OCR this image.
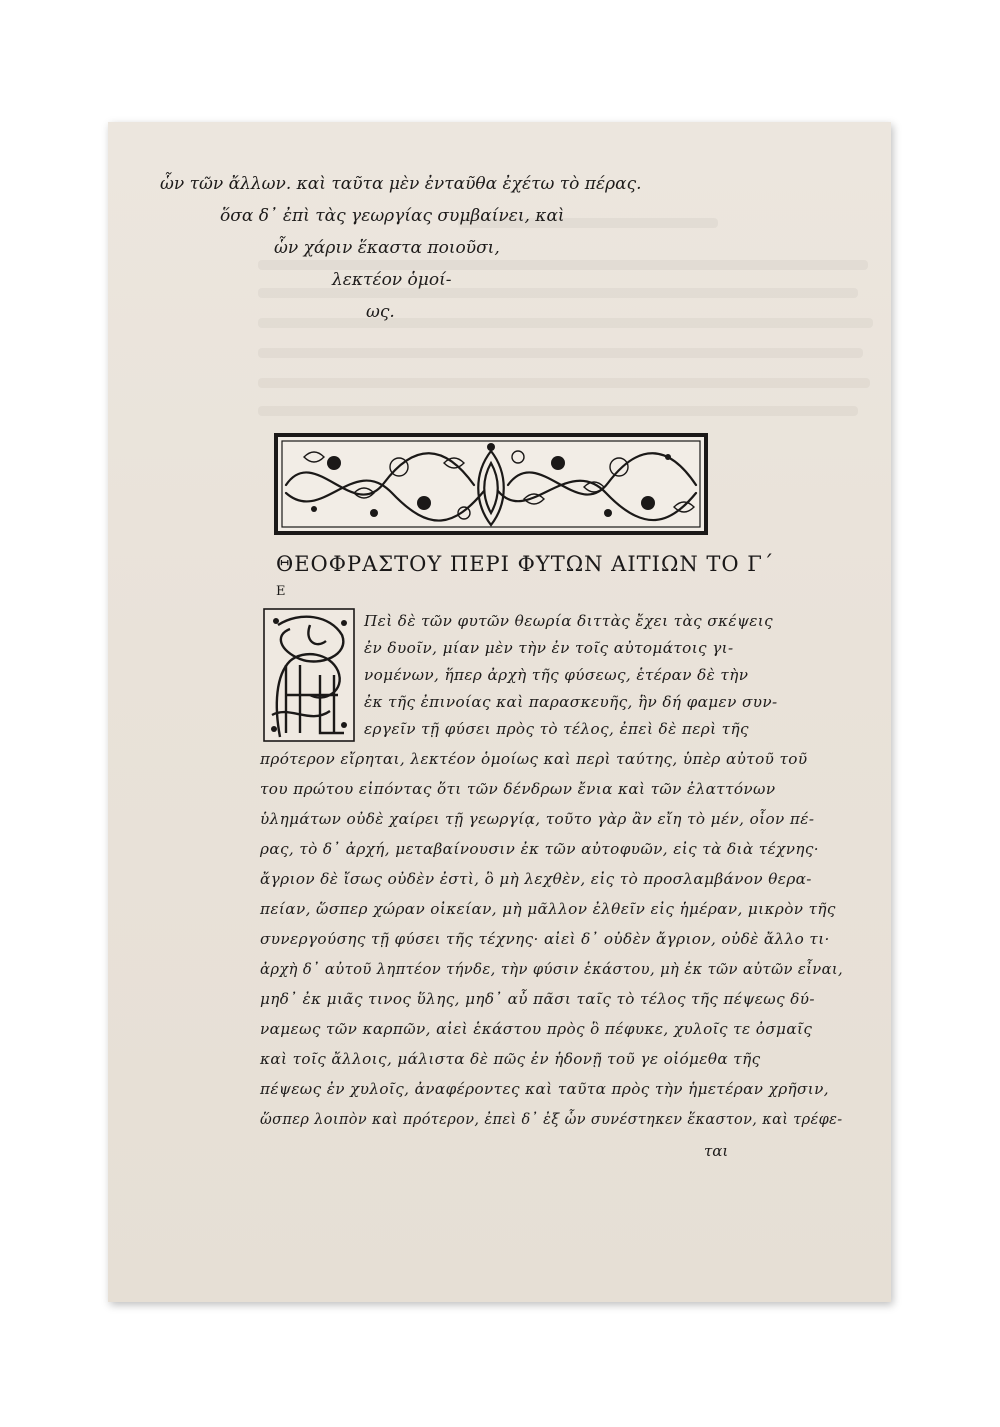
ὧν τῶν ἄλλων. καὶ ταῦτα μὲν ἐνταῦθα ἐχέτω τὸ πέρας.
ὅσα δ᾽ ἐπὶ τὰς γεωργίας συμβαίνει, καὶ
ὧν χάριν ἕκαστα ποιοῦσι,
λεκτέον ὁμοί-
ως.
ΘΕΟΦΡΑΣΤΟΥ ΠΕΡΙ ΦΥΤΩΝ ΑΙΤΙΩΝ ΤΟ Γ΄
Ε
Πεὶ δὲ τῶν φυτῶν θεωρία διττὰς ἔχει τὰς σκέψεις
ἐν δυοῖν, μίαν μὲν τὴν ἐν τοῖς αὐτομάτοις γι-
νομένων, ἥπερ ἀρχὴ τῆς φύσεως, ἑτέραν δὲ τὴν
ἐκ τῆς ἐπινοίας καὶ παρασκευῆς, ἣν δή φαμεν συν-
εργεῖν τῇ φύσει πρὸς τὸ τέλος, ἐπεὶ δὲ περὶ τῆς
πρότερον εἴρηται, λεκτέον ὁμοίως καὶ περὶ ταύτης, ὑπὲρ αὐτοῦ τοῦ
του πρώτου εἰπόντας ὅτι τῶν δένδρων ἔνια καὶ τῶν ἐλαττόνων
ὑλημάτων οὐδὲ χαίρει τῇ γεωργίᾳ, τοῦτο γὰρ ἂν εἴη τὸ μέν, οἷον πέ-
ρας, τὸ δ᾽ ἀρχή, μεταβαίνουσιν ἐκ τῶν αὐτοφυῶν, εἰς τὰ διὰ τέχνης·
ἄγριον δὲ ἴσως οὐδὲν ἐστὶ, ὃ μὴ λεχθὲν, εἰς τὸ προσλαμβάνον θερα-
πείαν, ὥσπερ χώραν οἰκείαν, μὴ μᾶλλον ἐλθεῖν εἰς ἡμέραν, μικρὸν τῆς
συνεργούσης τῇ φύσει τῆς τέχνης· αἰεὶ δ᾽ οὐδὲν ἄγριον, οὐδὲ ἄλλο τι·
ἀρχὴ δ᾽ αὐτοῦ ληπτέον τήνδε, τὴν φύσιν ἑκάστου, μὴ ἐκ τῶν αὐτῶν εἶναι,
μηδ᾽ ἐκ μιᾶς τινος ὕλης, μηδ᾽ αὖ πᾶσι ταῖς τὸ τέλος τῆς πέψεως δύ-
ναμεως τῶν καρπῶν, αἰεὶ ἑκάστου πρὸς ὃ πέφυκε, χυλοῖς τε ὀσμαῖς
καὶ τοῖς ἄλλοις, μάλιστα δὲ πῶς ἐν ἡδονῇ τοῦ γε οἰόμεθα τῆς
πέψεως ἐν χυλοῖς, ἀναφέροντες καὶ ταῦτα πρὸς τὴν ἡμετέραν χρῆσιν,
ὥσπερ λοιπὸν καὶ πρότερον, ἐπεὶ δ᾽ ἐξ ὧν συνέστηκεν ἕκαστον, καὶ τρέφε-
ται
